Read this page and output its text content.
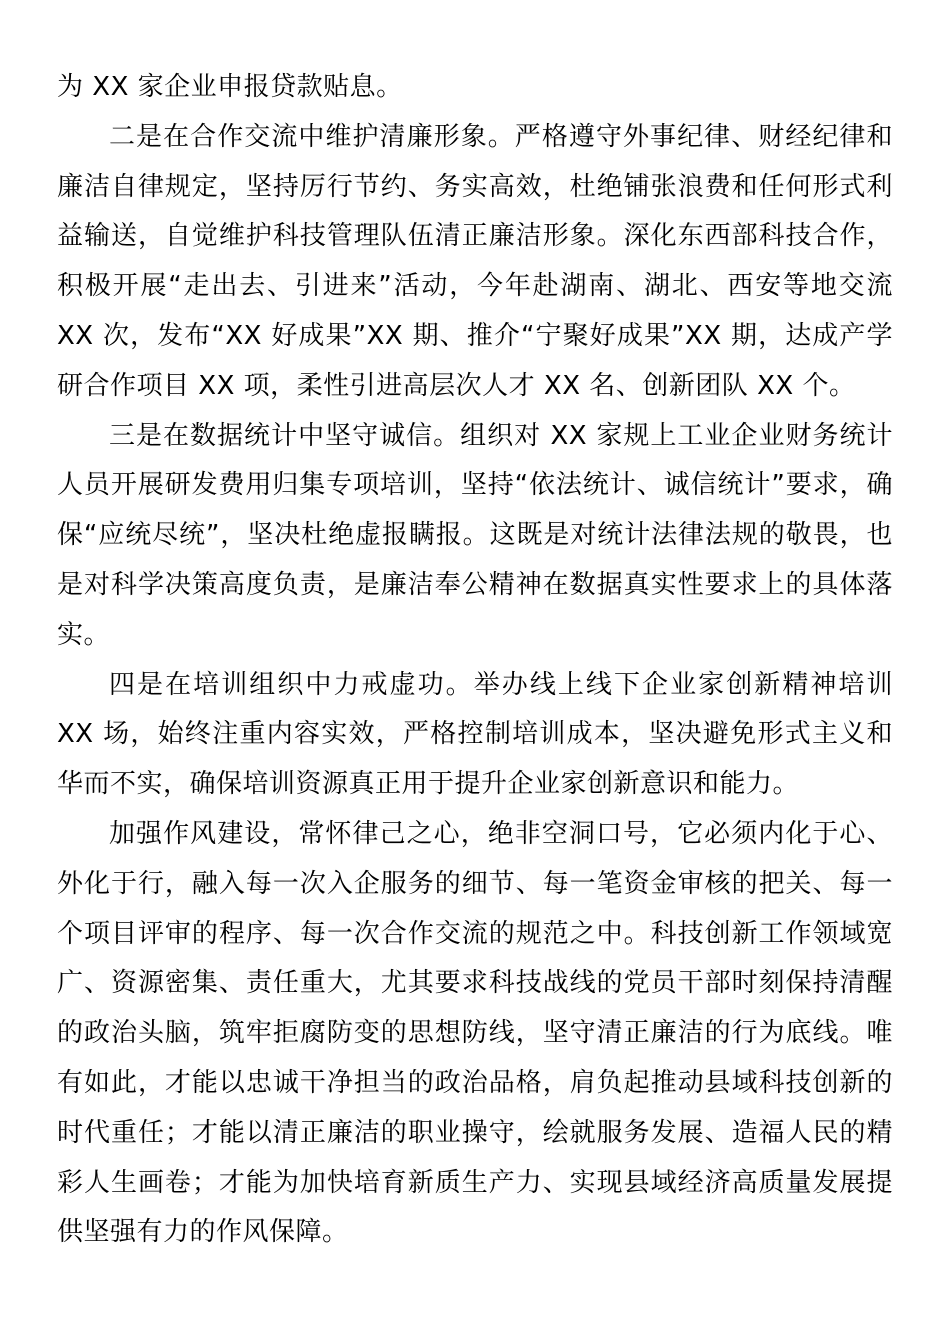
为 XX 家企业申报贷款贴息。

二是在合作交流中维护清廉形象。严格遵守外事纪律、财经纪律和廉洁自律规定，坚持厉行节约、务实高效，杜绝铺张浪费和任何形式利益输送，自觉维护科技管理队伍清正廉洁形象。深化东西部科技合作，积极开展“走出去、引进来”活动，今年赴湖南、湖北、西安等地交流 XX 次，发布“XX 好成果”XX 期、推介“宁聚好成果”XX 期，达成产学研合作项目 XX 项，柔性引进高层次人才 XX 名、创新团队 XX 个。

三是在数据统计中坚守诚信。组织对 XX 家规上工业企业财务统计人员开展研发费用归集专项培训，坚持“依法统计、诚信统计”要求，确保“应统尽统”，坚决杜绝虚报瞒报。这既是对统计法律法规的敬畏，也是对科学决策高度负责，是廉洁奉公精神在数据真实性要求上的具体落实。

四是在培训组织中力戒虚功。举办线上线下企业家创新精神培训 XX 场，始终注重内容实效，严格控制培训成本，坚决避免形式主义和华而不实，确保培训资源真正用于提升企业家创新意识和能力。

加强作风建设，常怀律己之心，绝非空洞口号，它必须内化于心、外化于行，融入每一次入企服务的细节、每一笔资金审核的把关、每一个项目评审的程序、每一次合作交流的规范之中。科技创新工作领域宽广、资源密集、责任重大，尤其要求科技战线的党员干部时刻保持清醒的政治头脑，筑牢拒腐防变的思想防线，坚守清正廉洁的行为底线。唯有如此，才能以忠诚干净担当的政治品格，肩负起推动县域科技创新的时代重任；才能以清正廉洁的职业操守，绘就服务发展、造福人民的精彩人生画卷；才能为加快培育新质生产力、实现县域经济高质量发展提供坚强有力的作风保障。
